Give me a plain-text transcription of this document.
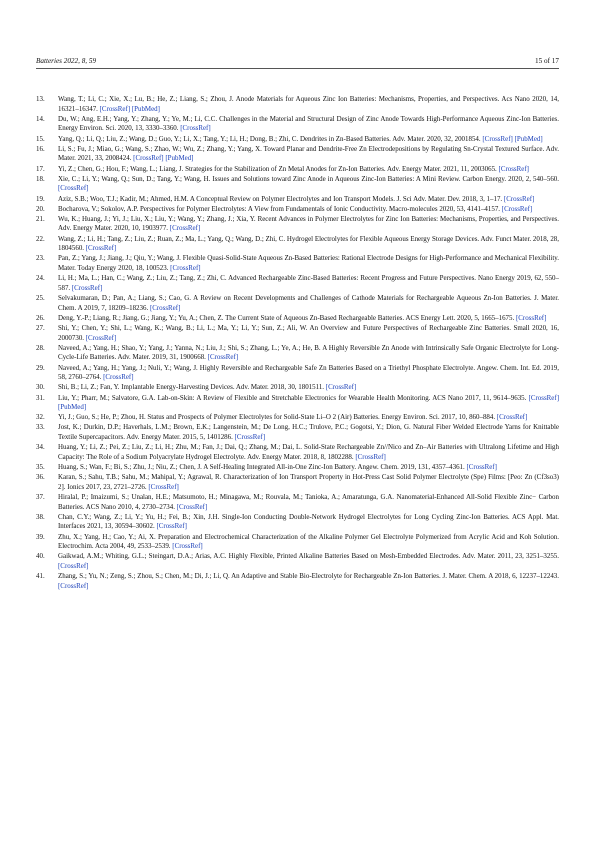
Batteries 2022, 8, 59	15 of 17
13. Wang, T.; Li, C.; Xie, X.; Lu, B.; He, Z.; Liang, S.; Zhou, J. Anode Materials for Aqueous Zinc Ion Batteries: Mechanisms, Properties, and Perspectives. Acs Nano 2020, 14, 16321–16347. [CrossRef] [PubMed]
14. Du, W.; Ang, E.H.; Yang, Y.; Zhang, Y.; Ye, M.; Li, C.C. Challenges in the Material and Structural Design of Zinc Anode Towards High-Performance Aqueous Zinc-Ion Batteries. Energy Environ. Sci. 2020, 13, 3330–3360. [CrossRef]
15. Yang, Q.; Li, Q.; Liu, Z.; Wang, D.; Guo, Y.; Li, X.; Tang, Y.; Li, H.; Dong, B.; Zhi, C. Dendrites in Zn-Based Batteries. Adv. Mater. 2020, 32, 2001854. [CrossRef] [PubMed]
16. Li, S.; Fu, J.; Miao, G.; Wang, S.; Zhao, W.; Wu, Z.; Zhang, Y.; Yang, X. Toward Planar and Dendrite-Free Zn Electrodepositions by Regulating Sn-Crystal Textured Surface. Adv. Mater. 2021, 33, 2008424. [CrossRef] [PubMed]
17. Yi, Z.; Chen, G.; Hou, F.; Wang, L.; Liang, J. Strategies for the Stabilization of Zn Metal Anodes for Zn-Ion Batteries. Adv. Energy Mater. 2021, 11, 2003065. [CrossRef]
18. Xie, C.; Li, Y.; Wang, Q.; Sun, D.; Tang, Y.; Wang, H. Issues and Solutions toward Zinc Anode in Aqueous Zinc-Ion Batteries: A Mini Review. Carbon Energy. 2020, 2, 540–560. [CrossRef]
19. Aziz, S.B.; Woo, T.J.; Kadir, M.; Ahmed, H.M. A Conceptual Review on Polymer Electrolytes and Ion Transport Models. J. Sci Adv. Mater. Dev. 2018, 3, 1–17. [CrossRef]
20. Bocharova, V.; Sokolov, A.P. Perspectives for Polymer Electrolytes: A View from Fundamentals of Ionic Conductivity. Macro-molecules 2020, 53, 4141–4157. [CrossRef]
21. Wu, K.; Huang, J.; Yi, J.; Liu, X.; Liu, Y.; Wang, Y.; Zhang, J.; Xia, Y. Recent Advances in Polymer Electrolytes for Zinc Ion Batteries: Mechanisms, Properties, and Perspectives. Adv. Energy Mater. 2020, 10, 1903977. [CrossRef]
22. Wang, Z.; Li, H.; Tang, Z.; Liu, Z.; Ruan, Z.; Ma, L.; Yang, Q.; Wang, D.; Zhi, C. Hydrogel Electrolytes for Flexible Aqueous Energy Storage Devices. Adv. Funct Mater. 2018, 28, 1804560. [CrossRef]
23. Pan, Z.; Yang, J.; Jiang, J.; Qiu, Y.; Wang, J. Flexible Quasi-Solid-State Aqueous Zn-Based Batteries: Rational Electrode Designs for High-Performance and Mechanical Flexibility. Mater. Today Energy 2020, 18, 100523. [CrossRef]
24. Li, H.; Ma, L.; Han, C.; Wang, Z.; Liu, Z.; Tang, Z.; Zhi, C. Advanced Rechargeable Zinc-Based Batteries: Recent Progress and Future Perspectives. Nano Energy 2019, 62, 550–587. [CrossRef]
25. Selvakumaran, D.; Pan, A.; Liang, S.; Cao, G. A Review on Recent Developments and Challenges of Cathode Materials for Rechargeable Aqueous Zn-Ion Batteries. J. Mater. Chem. A 2019, 7, 18209–18236. [CrossRef]
26. Deng, Y.-P.; Liang, R.; Jiang, G.; Jiang, Y.; Yu, A.; Chen, Z. The Current State of Aqueous Zn-Based Rechargeable Batteries. ACS Energy Lett. 2020, 5, 1665–1675. [CrossRef]
27. Shi, Y.; Chen, Y.; Shi, L.; Wang, K.; Wang, B.; Li, L.; Ma, Y.; Li, Y.; Sun, Z.; Ali, W. An Overview and Future Perspectives of Rechargeable Zinc Batteries. Small 2020, 16, 2000730. [CrossRef]
28. Naveed, A.; Yang, H.; Shao, Y.; Yang, J.; Yanna, N.; Liu, J.; Shi, S.; Zhang, L.; Ye, A.; He, B. A Highly Reversible Zn Anode with Intrinsically Safe Organic Electrolyte for Long-Cycle-Life Batteries. Adv. Mater. 2019, 31, 1900668. [CrossRef]
29. Naveed, A.; Yang, H.; Yang, J.; Nuli, Y.; Wang, J. Highly Reversible and Rechargeable Safe Zn Batteries Based on a Triethyl Phosphate Electrolyte. Angew. Chem. Int. Ed. 2019, 58, 2760–2764. [CrossRef]
30. Shi, B.; Li, Z.; Fan, Y. Implantable Energy-Harvesting Devices. Adv. Mater. 2018, 30, 1801511. [CrossRef]
31. Liu, Y.; Pharr, M.; Salvatore, G.A. Lab-on-Skin: A Review of Flexible and Stretchable Electronics for Wearable Health Monitoring. ACS Nano 2017, 11, 9614–9635. [CrossRef] [PubMed]
32. Yi, J.; Guo, S.; He, P.; Zhou, H. Status and Prospects of Polymer Electrolytes for Solid-State Li–O 2 (Air) Batteries. Energy Environ. Sci. 2017, 10, 860–884. [CrossRef]
33. Jost, K.; Durkin, D.P.; Haverhals, L.M.; Brown, E.K.; Langenstein, M.; De Long, H.C.; Trulove, P.C.; Gogotsi, Y.; Dion, G. Natural Fiber Welded Electrode Yarns for Knittable Textile Supercapacitors. Adv. Energy Mater. 2015, 5, 1401286. [CrossRef]
34. Huang, Y.; Li, Z.; Pei, Z.; Liu, Z.; Li, H.; Zhu, M.; Fan, J.; Dai, Q.; Zhang, M.; Dai, L. Solid-State Rechargeable Zn//Nico and Zn–Air Batteries with Ultralong Lifetime and High Capacity: The Role of a Sodium Polyacrylate Hydrogel Electrolyte. Adv. Energy Mater. 2018, 8, 1802288. [CrossRef]
35. Huang, S.; Wan, F.; Bi, S.; Zhu, J.; Niu, Z.; Chen, J. A Self-Healing Integrated All-in-One Zinc-Ion Battery. Angew. Chem. 2019, 131, 4357–4361. [CrossRef]
36. Karan, S.; Sahu, T.B.; Sahu, M.; Mahipal, Y.; Agrawal, R. Characterization of Ion Transport Property in Hot-Press Cast Solid Polymer Electrolyte (Spe) Films: [Peo: Zn (Cf3so3) 2]. Ionics 2017, 23, 2721–2726. [CrossRef]
37. Hiralal, P.; Imaizumi, S.; Unalan, H.E.; Matsumoto, H.; Minagawa, M.; Rouvala, M.; Tanioka, A.; Amaratunga, G.A. Nanomaterial-Enhanced All-Solid Flexible Zinc− Carbon Batteries. ACS Nano 2010, 4, 2730–2734. [CrossRef]
38. Chan, C.Y.; Wang, Z.; Li, Y.; Yu, H.; Fei, B.; Xin, J.H. Single-Ion Conducting Double-Network Hydrogel Electrolytes for Long Cycling Zinc-Ion Batteries. ACS Appl. Mat. Interfaces 2021, 13, 30594–30602. [CrossRef]
39. Zhu, X.; Yang, H.; Cao, Y.; Ai, X. Preparation and Electrochemical Characterization of the Alkaline Polymer Gel Electrolyte Polymerized from Acrylic Acid and Koh Solution. Electrochim. Acta 2004, 49, 2533–2539. [CrossRef]
40. Gaikwad, A.M.; Whiting, G.L.; Steingart, D.A.; Arias, A.C. Highly Flexible, Printed Alkaline Batteries Based on Mesh-Embedded Electrodes. Adv. Mater. 2011, 23, 3251–3255. [CrossRef]
41. Zhang, S.; Yu, N.; Zeng, S.; Zhou, S.; Chen, M.; Di, J.; Li, Q. An Adaptive and Stable Bio-Electrolyte for Rechargeable Zn-Ion Batteries. J. Mater. Chem. A 2018, 6, 12237–12243. [CrossRef]
